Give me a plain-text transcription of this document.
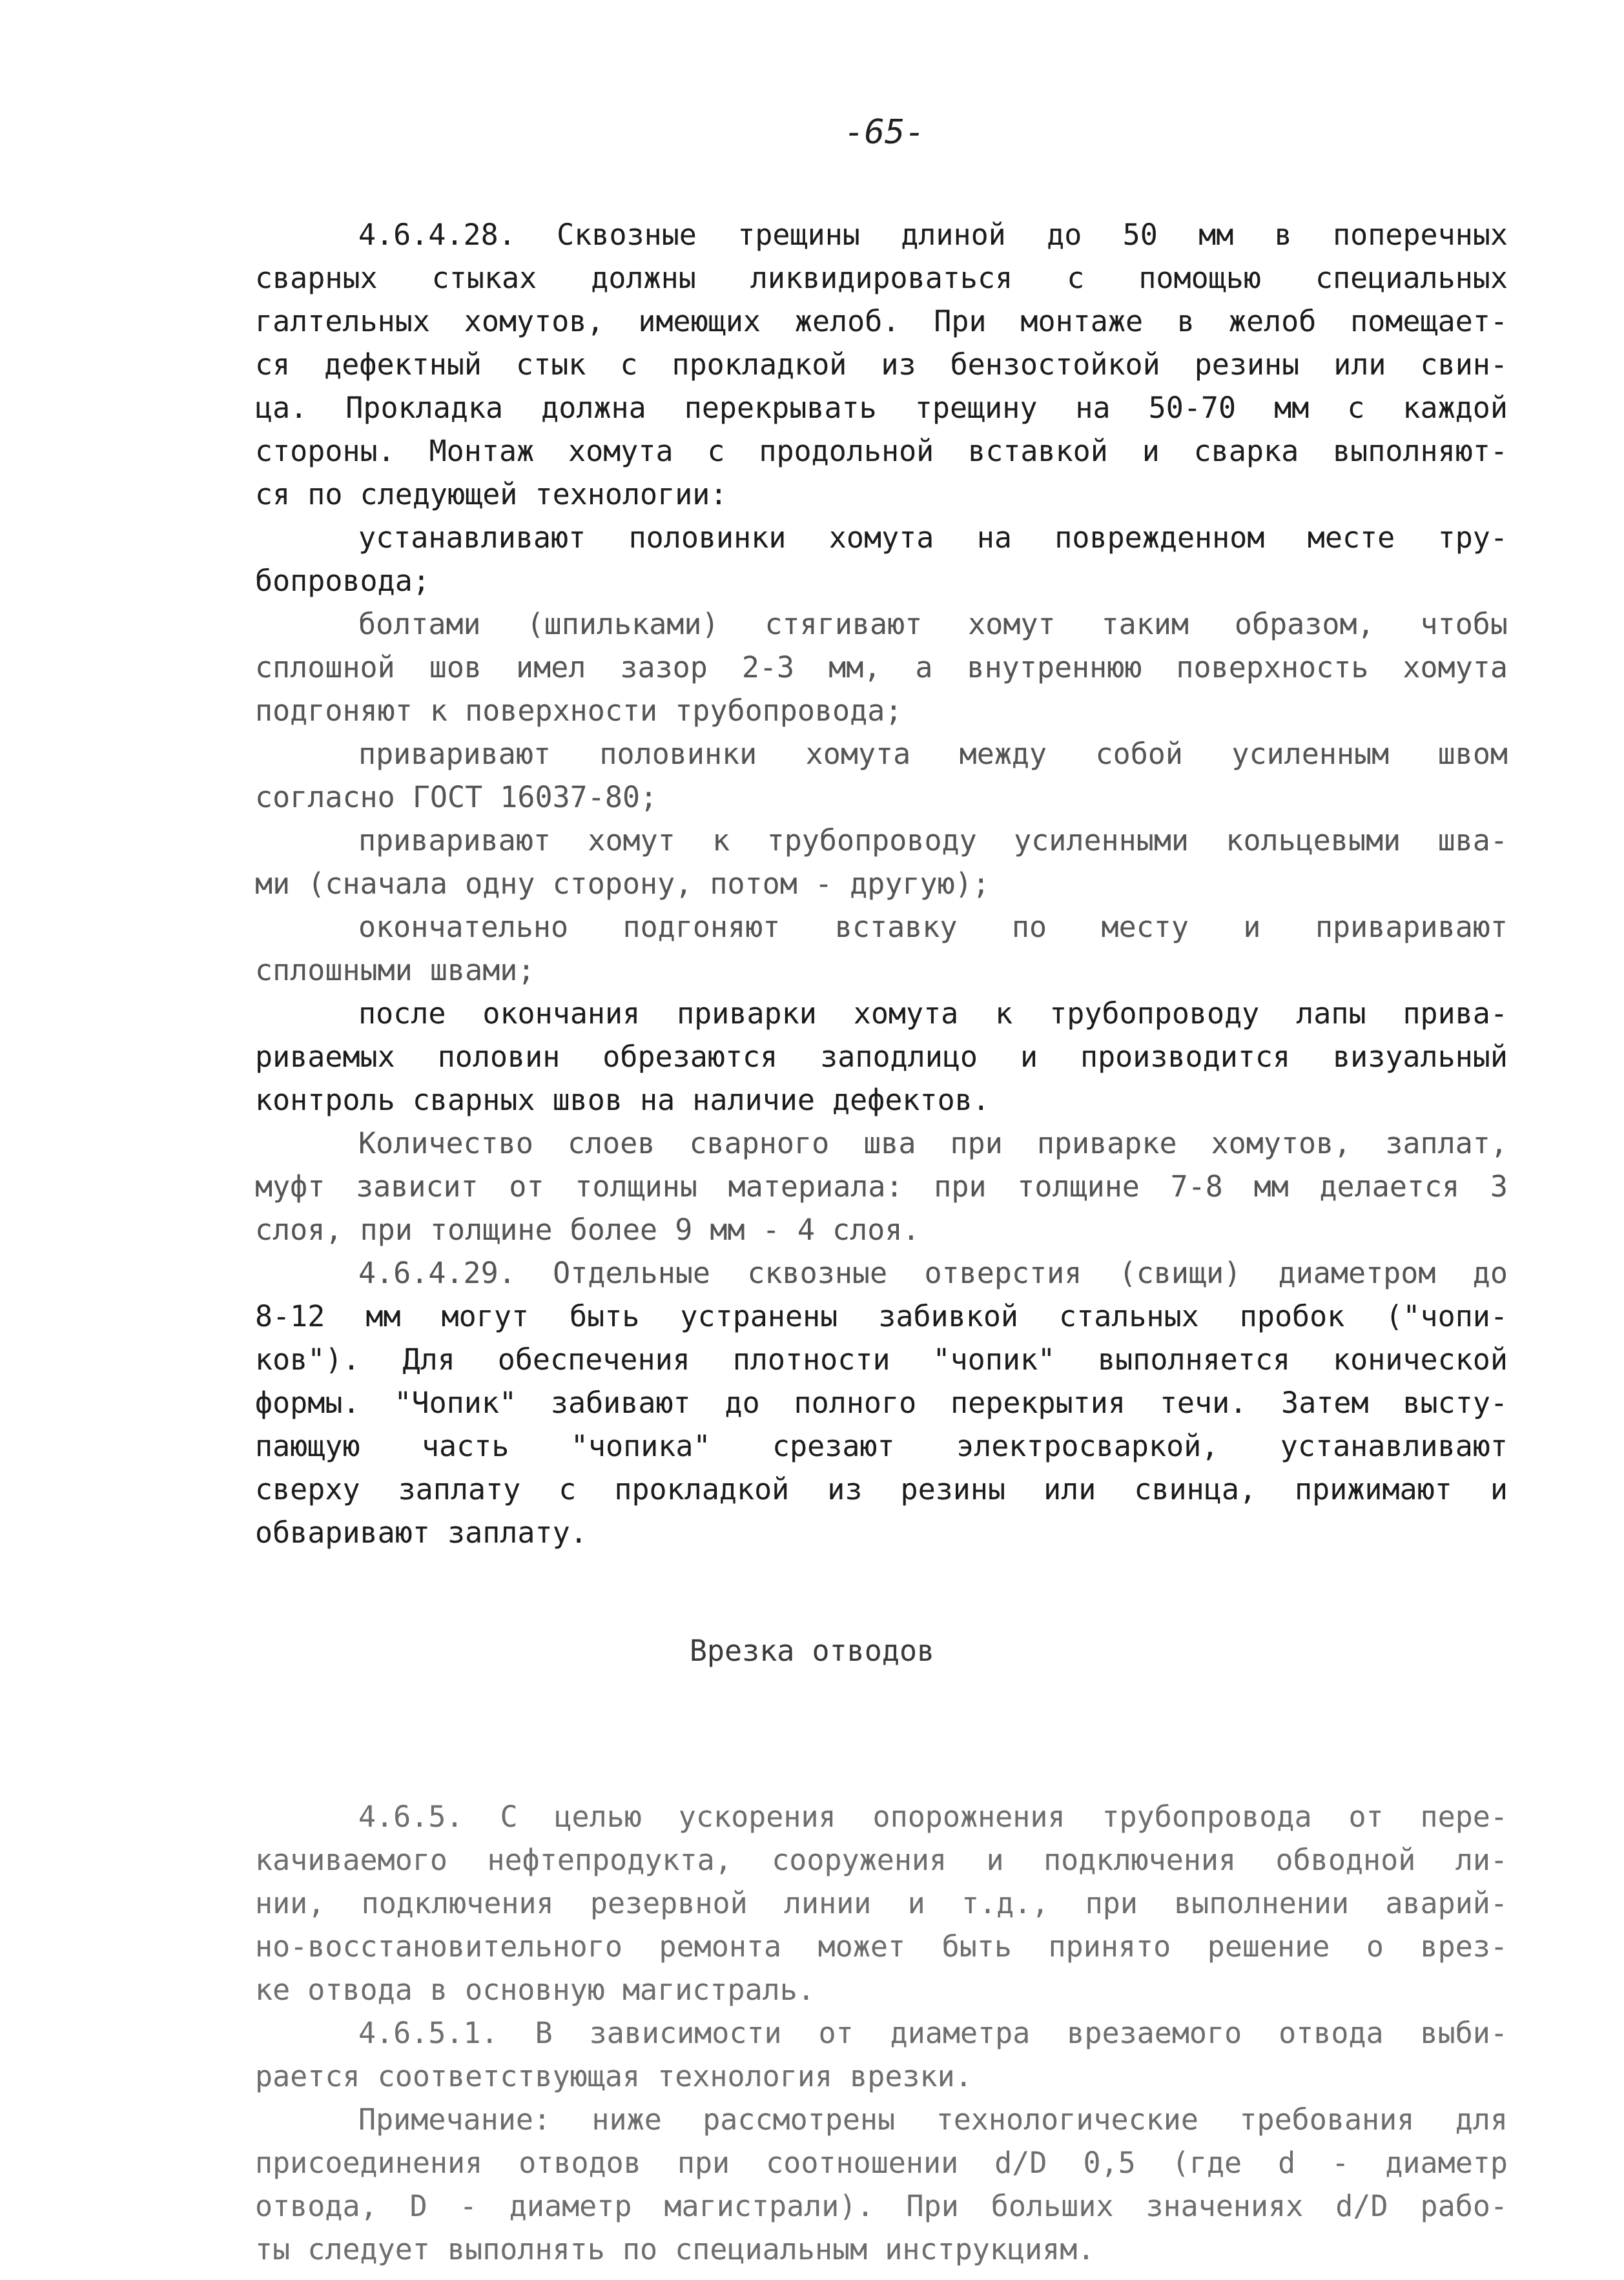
-65-
4.6.4.28. Сквозные трещины длиной до 50 мм в поперечных
сварных стыках должны ликвидироваться с помощью специальных
галтельных хомутов, имеющих желоб. При монтаже в желоб помещает-
ся дефектный стык с прокладкой из бензостойкой резины или свин-
ца. Прокладка должна перекрывать трещину на 50-70 мм с каждой
стороны. Монтаж хомута с продольной вставкой и сварка выполняют-
ся по следующей технологии:
устанавливают половинки хомута на поврежденном месте тру-
бопровода;
болтами (шпильками) стягивают хомут таким образом, чтобы
сплошной шов имел зазор 2-3 мм, а внутреннюю поверхность хомута
подгоняют к поверхности трубопровода;
приваривают половинки хомута между собой усиленным швом
согласно ГОСТ 16037-80;
приваривают хомут к трубопроводу усиленными кольцевыми шва-
ми (сначала одну сторону, потом - другую);
окончательно подгоняют вставку по месту и приваривают
сплошными швами;
после окончания приварки хомута к трубопроводу лапы прива-
риваемых половин обрезаются заподлицо и производится визуальный
контроль сварных швов на наличие дефектов.
Количество слоев сварного шва при приварке хомутов, заплат,
муфт зависит от толщины материала: при толщине 7-8 мм делается 3
слоя, при толщине более 9 мм - 4 слоя.
4.6.4.29. Отдельные сквозные отверстия (свищи) диаметром до
8-12 мм могут быть устранены забивкой стальных пробок ("чопи-
ков"). Для обеспечения плотности "чопик" выполняется конической
формы. "Чопик" забивают до полного перекрытия течи. Затем высту-
пающую часть "чопика" срезают электросваркой, устанавливают
сверху заплату с прокладкой из резины или свинца, прижимают и
обваривают заплату.
Врезка отводов
4.6.5. С целью ускорения опорожнения трубопровода от пере-
качиваемого нефтепродукта, сооружения и подключения обводной ли-
нии, подключения резервной линии и т.д., при выполнении аварий-
но-восстановительного ремонта может быть принято решение о врез-
ке отвода в основную магистраль.
4.6.5.1. В зависимости от диаметра врезаемого отвода выби-
рается соответствующая технология врезки.
Примечание: ниже рассмотрены технологические требования для
присоединения отводов при соотношении d/D 0,5 (где d - диаметр
отвода, D - диаметр магистрали). При больших значениях d/D рабо-
ты следует выполнять по специальным инструкциям.
